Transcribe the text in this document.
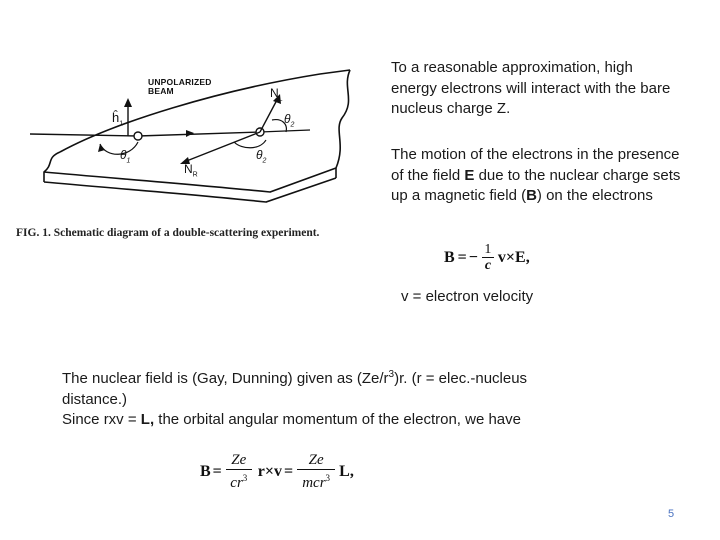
UNPOLARIZED
BEAM	$N_L$
$N_R$
$ĥ_1$
$\theta_1$
$\theta_2$
$\theta_2$
FIG. 1. Schematic diagram of a double-scattering experiment.
To a reasonable approximation, high energy electrons will interact with the bare nucleus charge Z.
The motion of the electrons in the presence of the field E due to the nuclear charge sets up a magnetic field (B) on the electrons
B = − 1
c v×E,
v = electron velocity
The nuclear field is (Gay, Dunning) given as $(Ze/r^3)r$. (r = elec.-nucleus distance.)
Since rxv = L, the orbital angular momentum of the electron, we have
B =
Ze
$cr^3$ r×v =
Ze
mcr$^3$ L,
5
